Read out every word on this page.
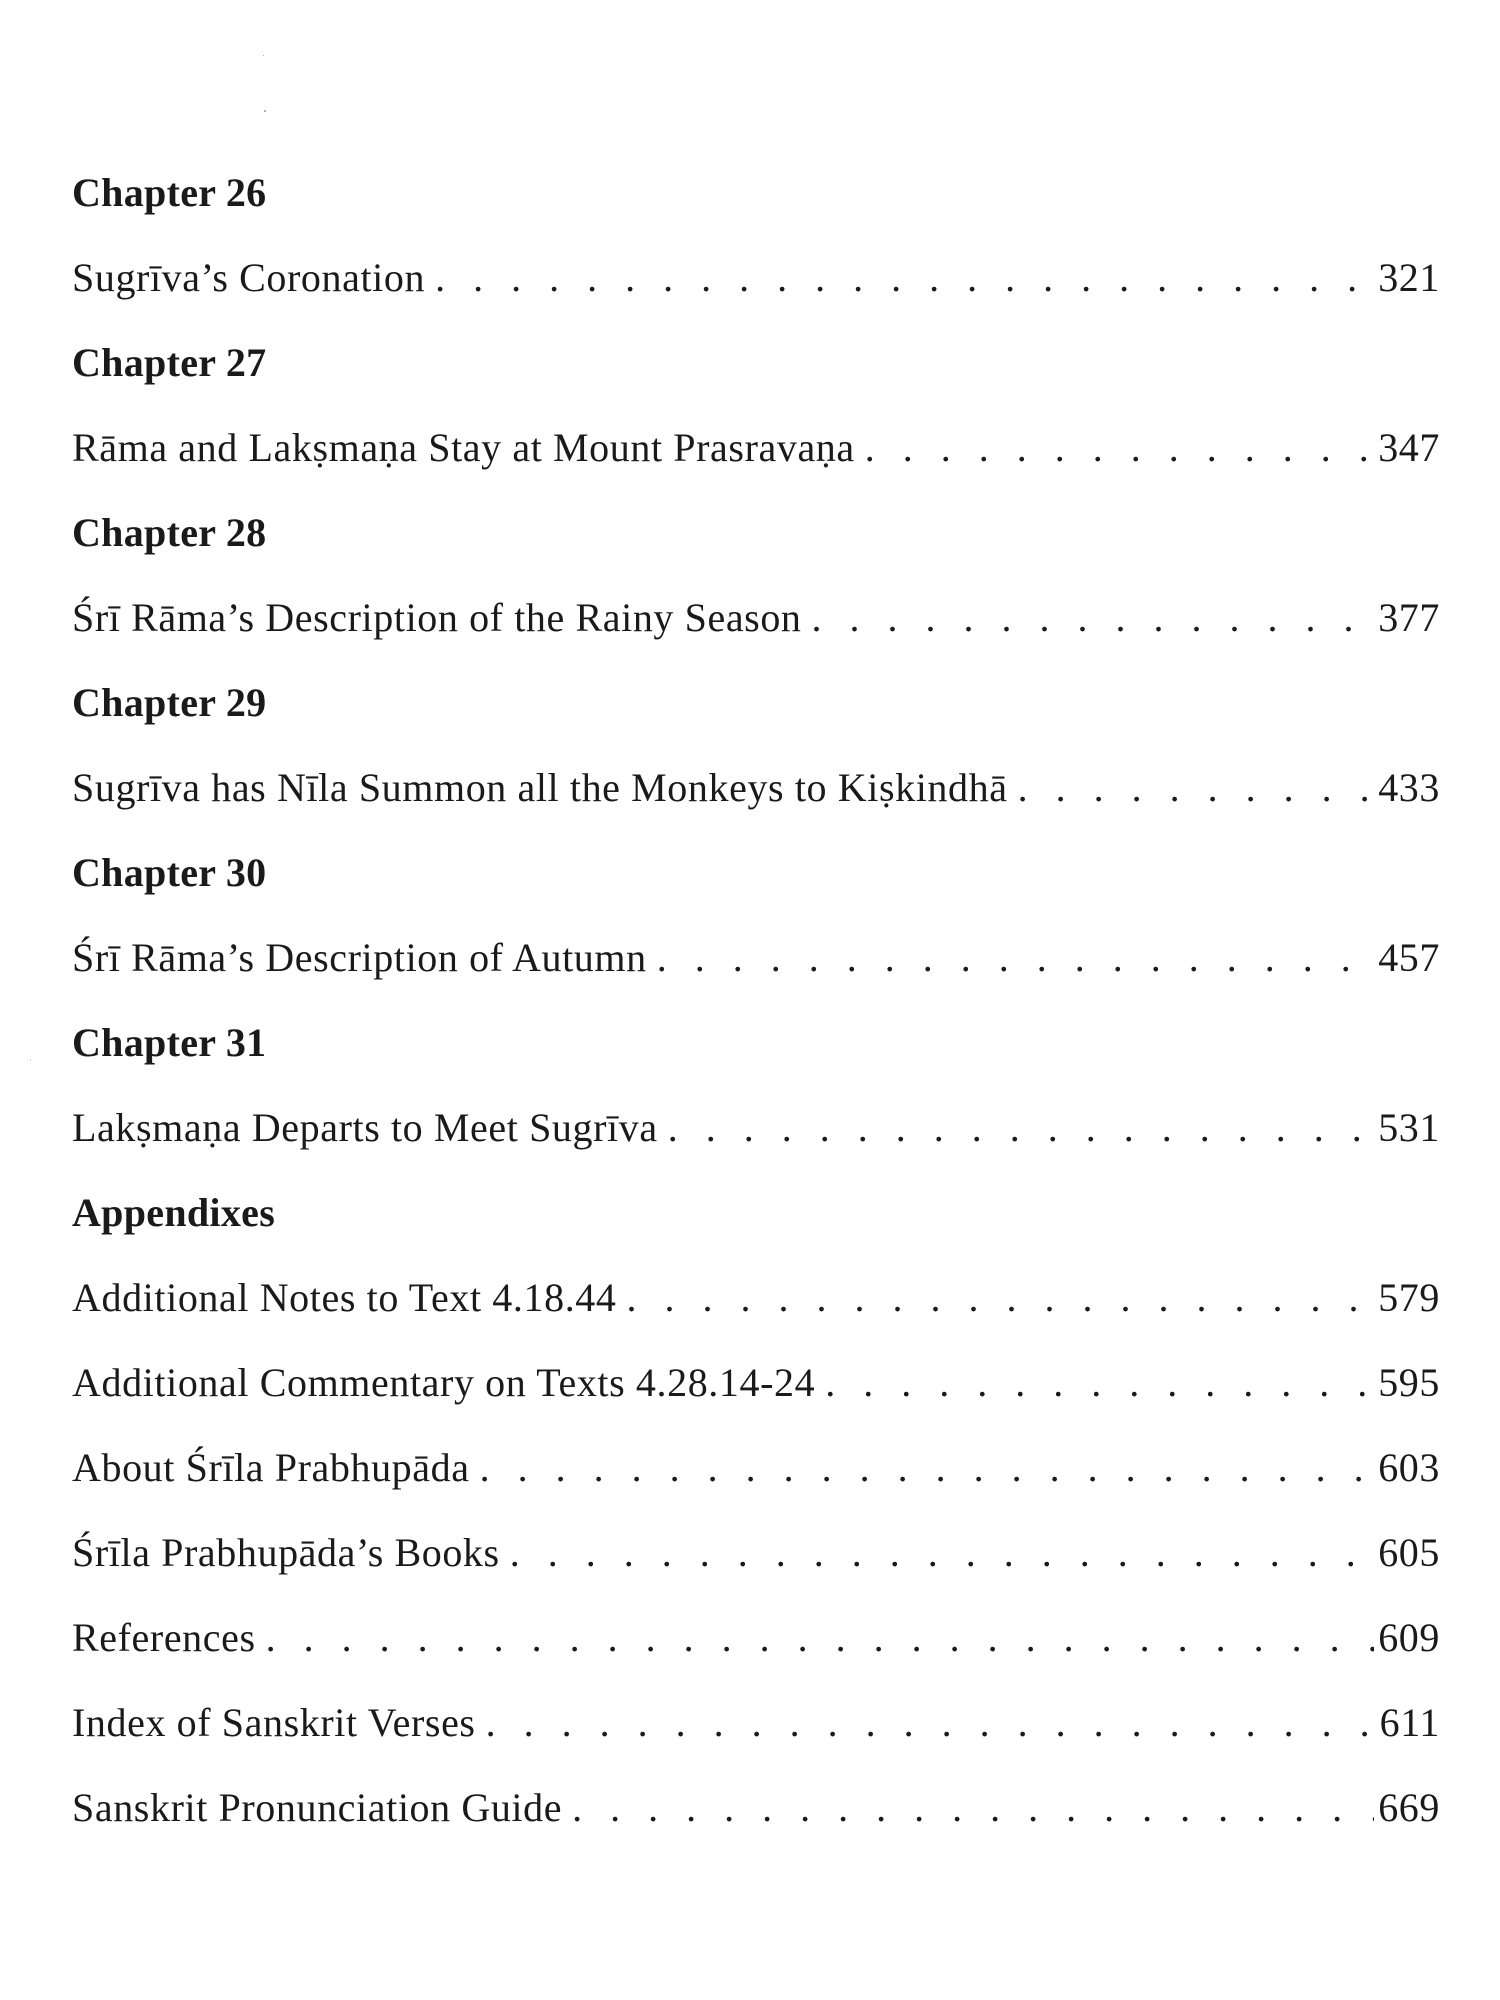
Chapter 26
Sugrīva’s Coronation . . .	321
Chapter 27
Rāma and Lakṣmaṇa Stay at Mount Prasravaṇa . . .	347
Chapter 28
Śrī Rāma’s Description of the Rainy Season . . .	377
Chapter 29
Sugrīva has Nīla Summon all the Monkeys to Kiṣkindhā . . .	433
Chapter 30
Śrī Rāma’s Description of Autumn . . .	457
Chapter 31
Lakṣmaṇa Departs to Meet Sugrīva . . .	531
Appendixes
Additional Notes to Text 4.18.44 . . .	579
Additional Commentary on Texts 4.28.14-24 . . .	595
About Śrīla Prabhupāda . . .	603
Śrīla Prabhupāda’s Books . . .	605
References . . .	609
Index of Sanskrit Verses . . .	611
Sanskrit Pronunciation Guide . . .	669
